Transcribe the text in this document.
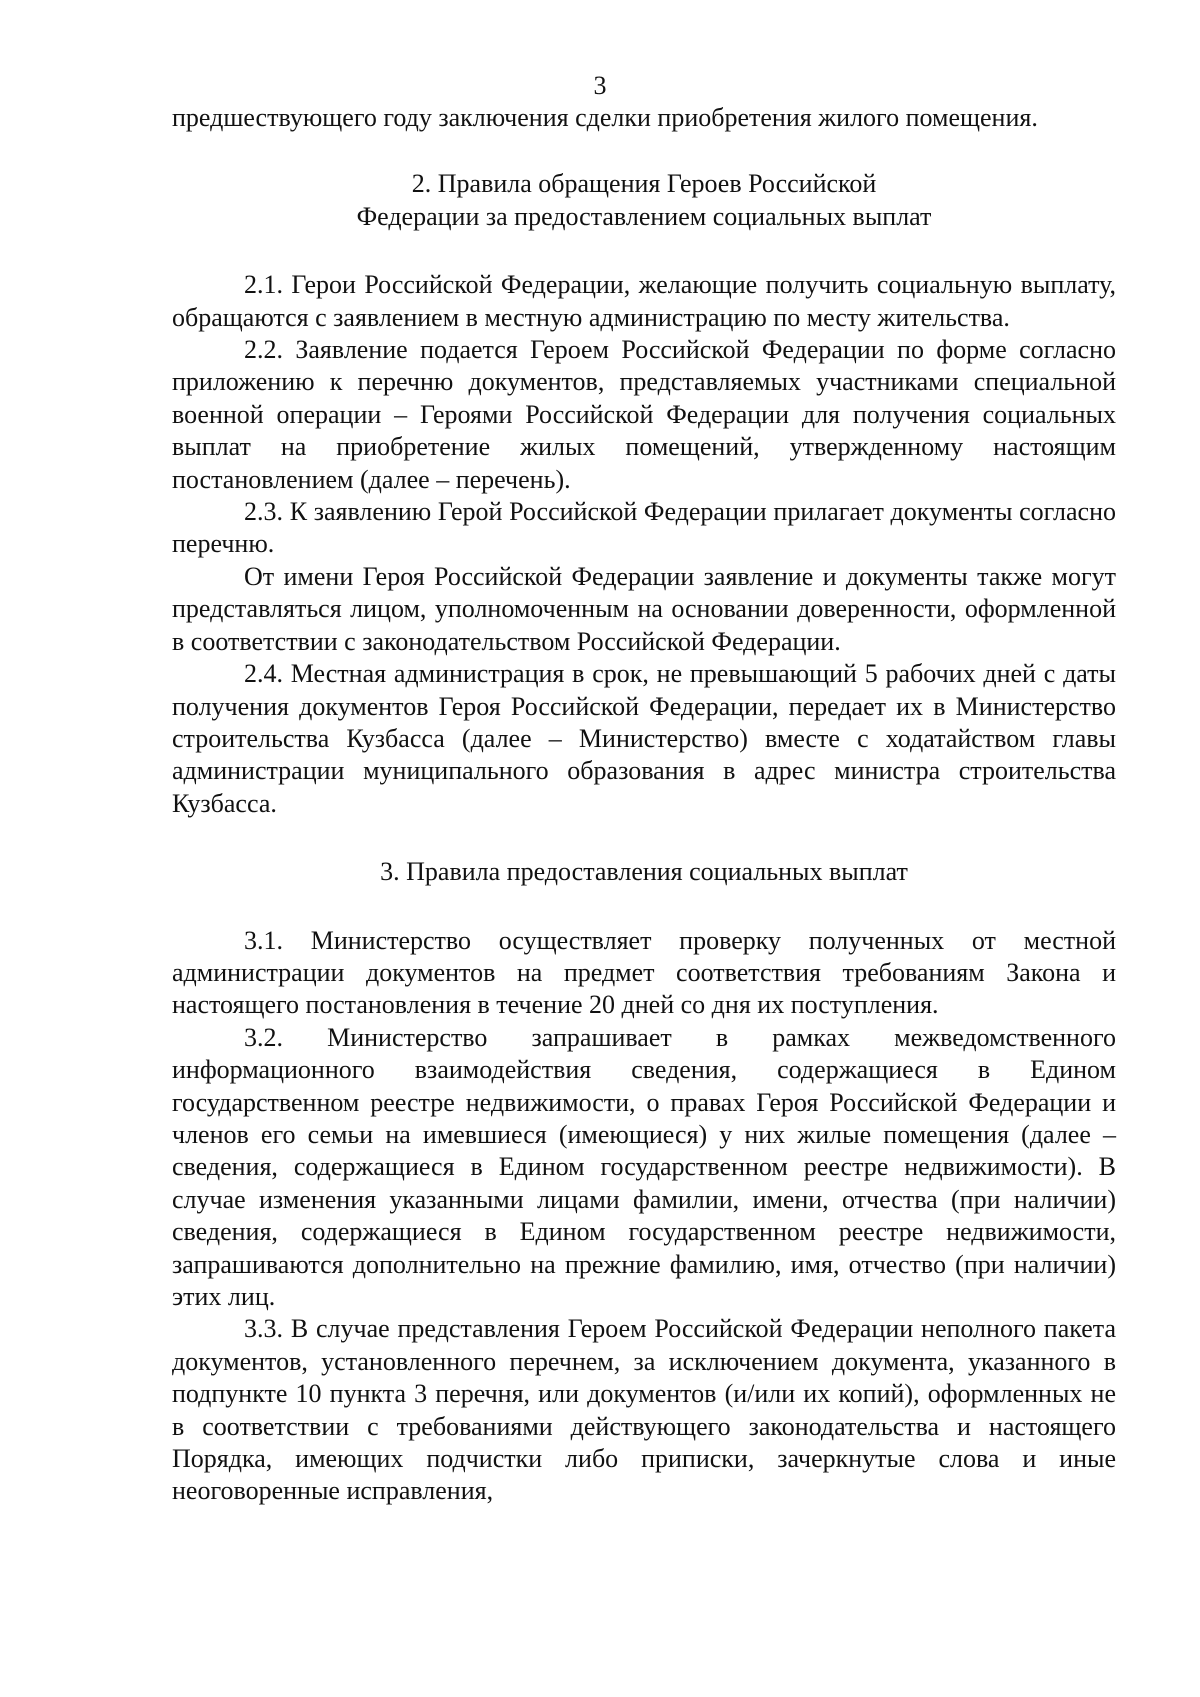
3

предшествующего году заключения сделки приобретения жилого помещения.

2. Правила обращения Героев Российской

Федерации за предоставлением социальных выплат

2.1. Герои Российской Федерации, желающие получить социальную выплату, обращаются с заявлением в местную администрацию по месту жительства.

2.2. Заявление подается Героем Российской Федерации по форме согласно приложению к перечню документов, представляемых участниками специальной военной операции – Героями Российской Федерации для получения социальных выплат на приобретение жилых помещений, утвержденному настоящим постановлением (далее – перечень).

2.3. К заявлению Герой Российской Федерации прилагает документы согласно перечню.

От имени Героя Российской Федерации заявление и документы также могут представляться лицом, уполномоченным на основании доверенности, оформленной в соответствии с законодательством Российской Федерации.

2.4. Местная администрация в срок, не превышающий 5 рабочих дней с даты получения документов Героя Российской Федерации, передает их в Министерство строительства Кузбасса (далее – Министерство) вместе с ходатайством главы администрации муниципального образования в адрес министра строительства Кузбасса.

3. Правила предоставления социальных выплат

3.1. Министерство осуществляет проверку полученных от местной администрации документов на предмет соответствия требованиям Закона и настоящего постановления в течение 20 дней со дня их поступления.

3.2. Министерство запрашивает в рамках межведомственного информационного взаимодействия сведения, содержащиеся в Едином государственном реестре недвижимости, о правах Героя Российской Федерации и членов его семьи на имевшиеся (имеющиеся) у них жилые помещения (далее – сведения, содержащиеся в Едином государственном реестре недвижимости). В случае изменения указанными лицами фамилии, имени, отчества (при наличии) сведения, содержащиеся в Едином государственном реестре недвижимости, запрашиваются дополнительно на прежние фамилию, имя, отчество (при наличии) этих лиц.

3.3. В случае представления Героем Российской Федерации неполного пакета документов, установленного перечнем, за исключением документа, указанного в подпункте 10 пункта 3 перечня, или документов (и/или их копий), оформленных не в соответствии с требованиями действующего законодательства и настоящего Порядка, имеющих подчистки либо приписки, зачеркнутые слова и иные неоговоренные исправления,
